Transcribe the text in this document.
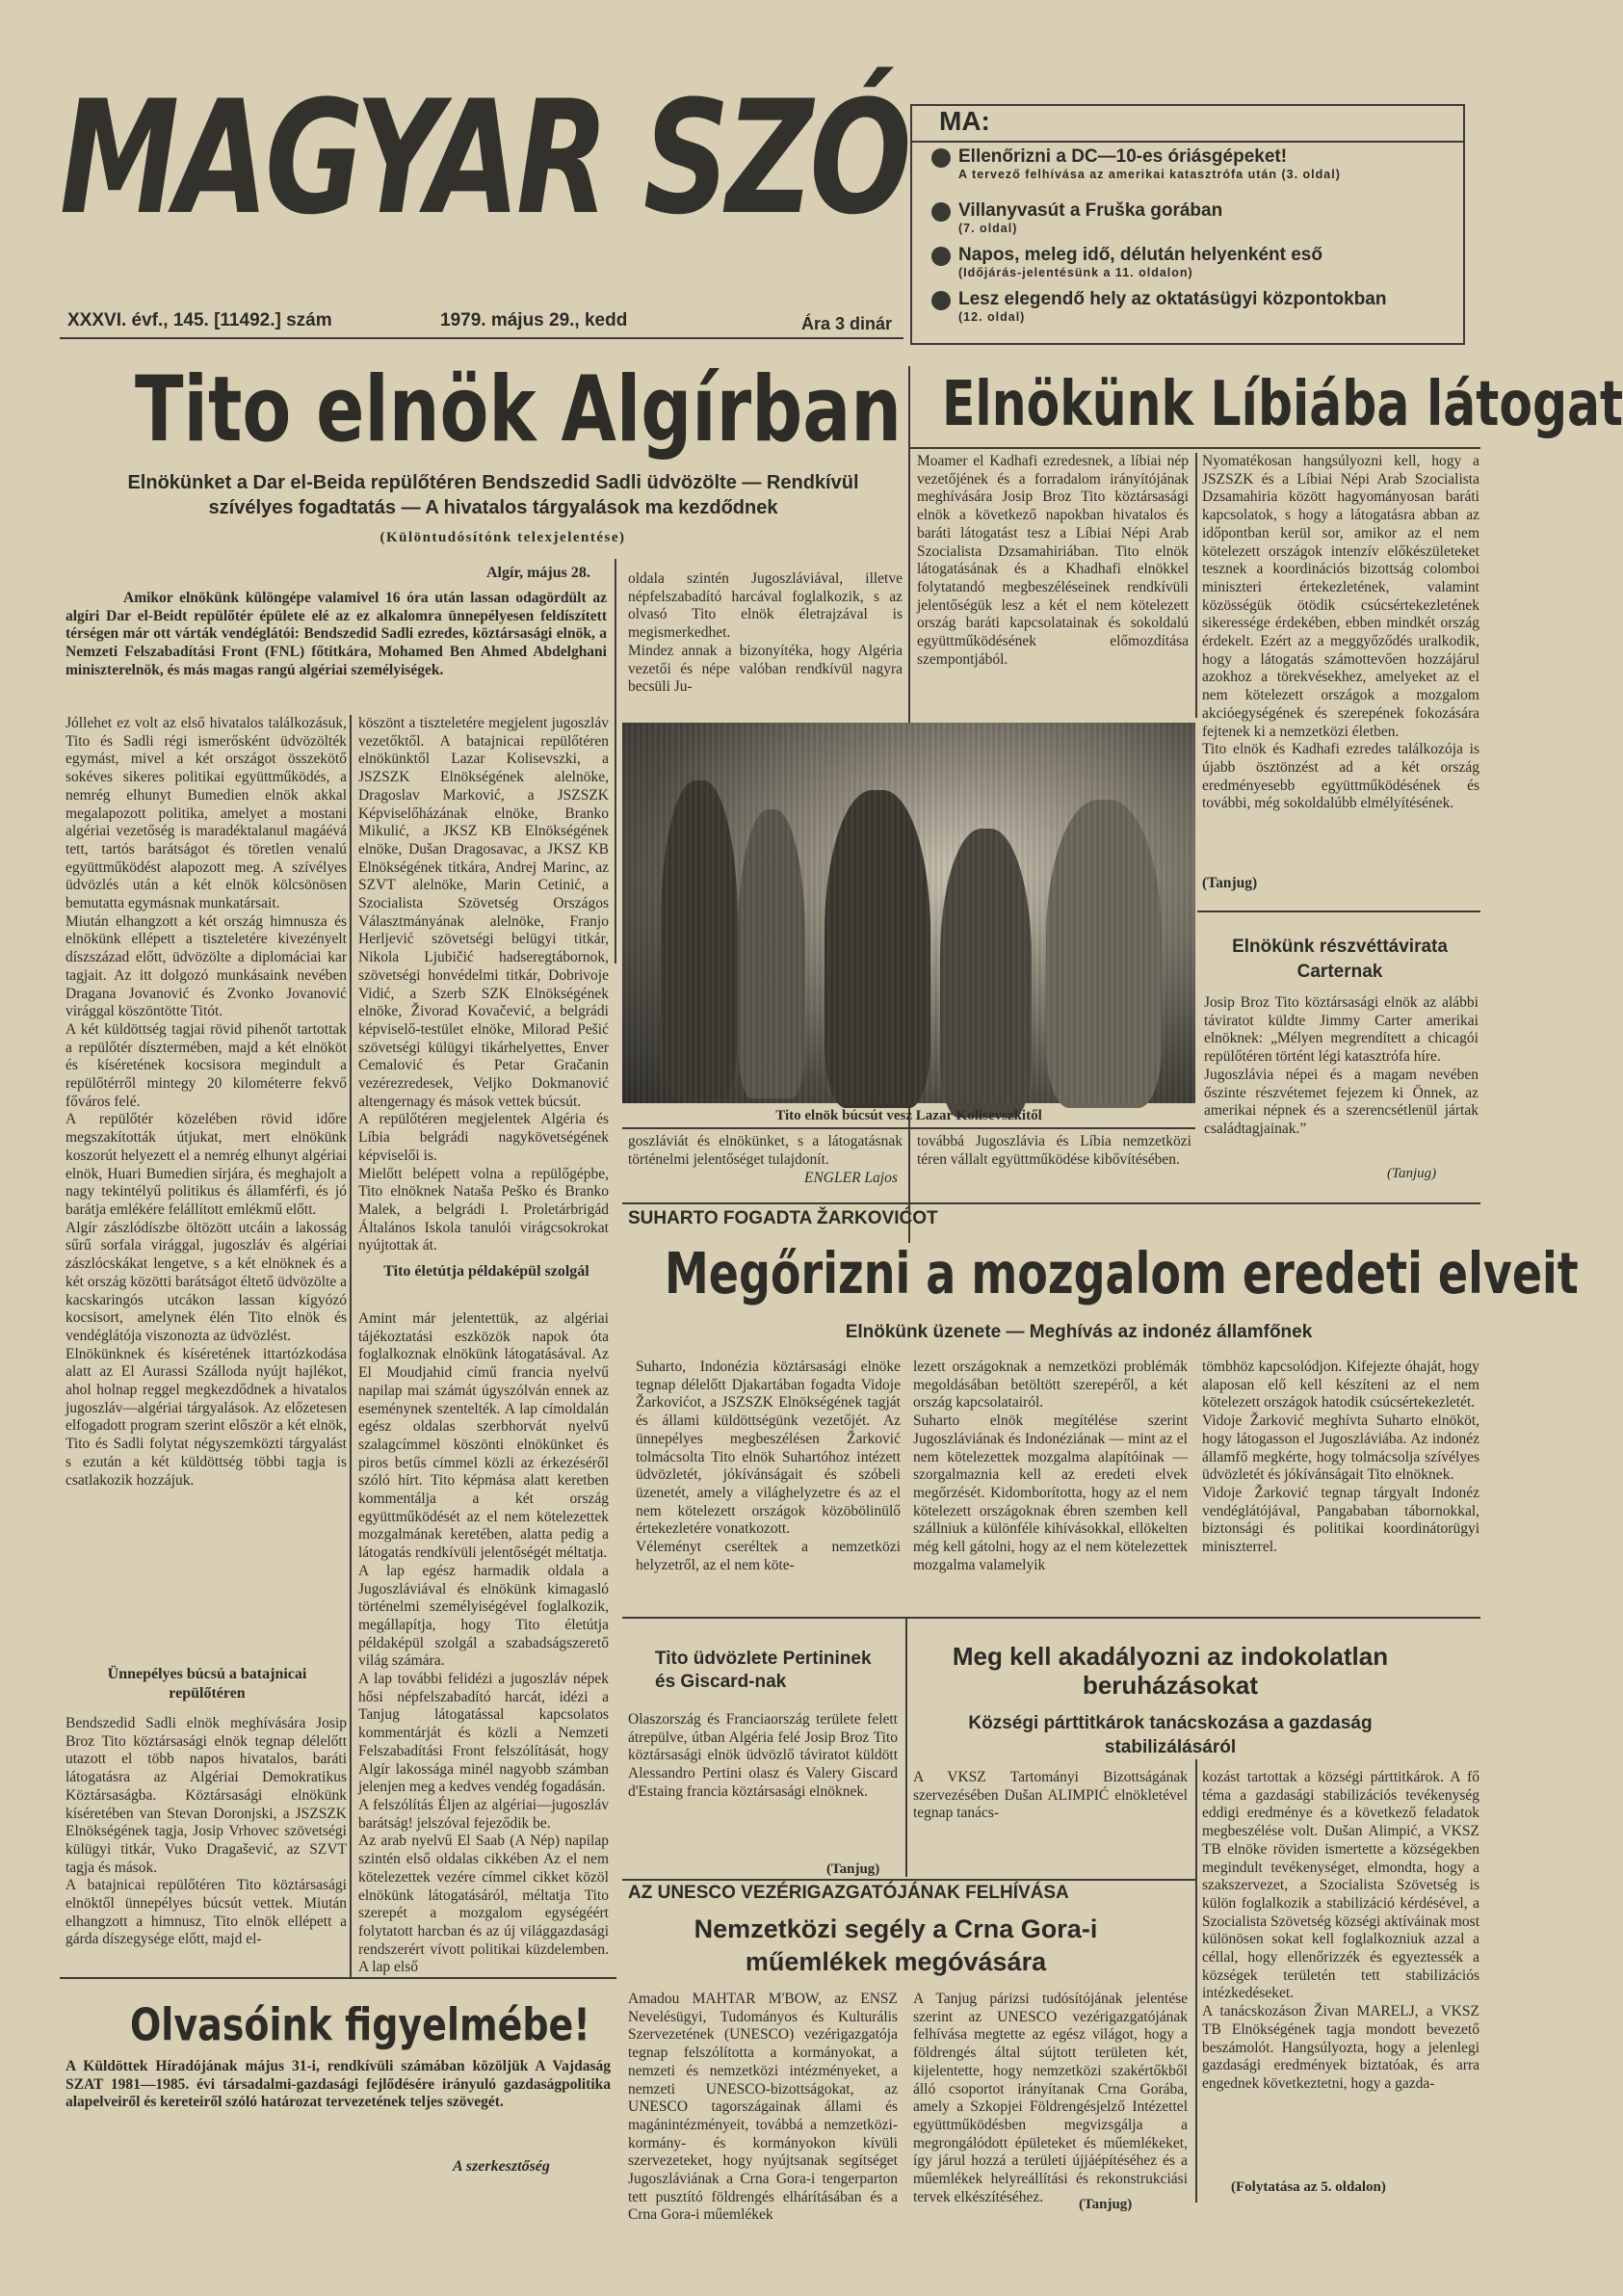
MAGYAR SZÓ
XXXVI. évf., 145. [11492.] szám	1979. május 29., kedd	Ára 3 dinár
MA:
Ellenőrizni a DC—10-es óriásgépeket!
A tervező felhívása az amerikai katasztrófa után (3. oldal)
Villanyvasút a Fruška gorában
(7. oldal)
Napos, meleg idő, délután helyenként eső
(Időjárás-jelentésünk a 11. oldalon)
Lesz elegendő hely az oktatásügyi központokban
(12. oldal)
Tito elnök Algírban
Elnökünket a Dar el-Beida repülőtéren Bendszedid Sadli üdvözölte — Rendkívül szívélyes fogadtatás — A hivatalos tárgyalások ma kezdődnek
(Különtudósítónk telexjelentése)
Algír, május 28.
Amikor elnökünk különgépe valamivel 16 óra után lassan odagördült az algíri Dar el-Beidt repülőtér épülete elé az ez alkalomra ünnepélyesen feldíszített térségen már ott várták vendéglátói: Bendszedid Sadli ezredes, köztársasági elnök, a Nemzeti Felszabadítási Front (FNL) főtitkára, Mohamed Ben Ahmed Abdelghani miniszterelnök, és más magas rangú algériai személyiségek.
Jóllehet ez volt az első hivatalos találkozásuk, Tito és Sadli régi ismerősként üdvözölték egymást, mivel a két országot összekötő sokéves sikeres politikai együttműködés, a nemrég elhunyt Bumedien elnök akkal megalapozott politika, amelyet a mostani algériai vezetőség is maradéktalanul magáévá tett, tartós barátságot és töretlen venalú együttműködést alapozott meg. A szívélyes üdvözlés után a két elnök kölcsönösen bemutatta egymásnak munkatársait.
Miután elhangzott a két ország himnusza és elnökünk ellépett a tiszteletére kivezényelt díszszázad előtt, üdvözölte a diplomáciai kar tagjait. Az itt dolgozó munkásaink nevében Dragana Jovanović és Zvonko Jovanović virággal köszöntötte Titót.
A két küldöttség tagjai rövid pihenőt tartottak a repülőtér dísztermében, majd a két elnököt és kíséretének kocsisora megindult a repülőtérről mintegy 20 kilométerre fekvő főváros felé.
A repülőtér közelében rövid időre megszakították útjukat, mert elnökünk koszorút helyezett el a nemrég elhunyt algériai elnök, Huari Bumedien sírjára, és meghajolt a nagy tekintélyű politikus és államférfi, és jó barátja emlékére felállított emlékmű előtt.
Algír zászlódíszbe öltözött utcáin a lakosság sűrű sorfala virággal, jugoszláv és algériai zászlócskákat lengetve, s a két elnöknek és a két ország közötti barátságot éltető üdvözölte a kacskaringós utcákon lassan kígyózó kocsisort, amelynek élén Tito elnök és vendéglátója viszonozta az üdvözlést.
Elnökünknek és kíséretének ittartózkodása alatt az El Aurassi Szálloda nyújt hajlékot, ahol holnap reggel megkezdődnek a hivatalos jugoszláv—algériai tárgyalások. Az előzetesen elfogadott program szerint először a két elnök, Tito és Sadli folytat négyszemközti tárgyalást s ezután a két küldöttség többi tagja is csatlakozik hozzájuk.
Ünnepélyes búcsú a batajnicai repülőtéren
Bendszedid Sadli elnök meghívására Josip Broz Tito köztársasági elnök tegnap délelőtt utazott el több napos hivatalos, baráti látogatásra az Algériai Demokratikus Köztársaságba. Köztársasági elnökünk kíséretében van Stevan Doronjski, a JSZSZK Elnökségének tagja, Josip Vrhovec szövetségi külügyi titkár, Vuko Dragašević, az SZVT tagja és mások.
A batajnicai repülőtéren Tito köztársasági elnöktől ünnepélyes búcsút vettek. Miután elhangzott a himnusz, Tito elnök ellépett a gárda díszegysége előtt, majd el-
köszönt a tiszteletére megjelent jugoszláv vezetőktől. A batajnicai repülőtéren elnökünktől Lazar Kolisevszki, a JSZSZK Elnökségének alelnöke, Dragoslav Marković, a JSZSZK Képviselőházának elnöke, Branko Mikulić, a JKSZ KB Elnökségének elnöke, Dušan Dragosavac, a JKSZ KB Elnökségének titkára, Andrej Marinc, az SZVT alelnöke, Marin Cetinić, a Szocialista Szövetség Országos Választmányának alelnöke, Franjo Herljević szövetségi belügyi titkár, Nikola Ljubičić hadseregtábornok, szövetségi honvédelmi titkár, Dobrivoje Vidić, a Szerb SZK Elnökségének elnöke, Živorad Kovačević, a belgrádi képviselő-testület elnöke, Milorad Pešić szövetségi külügyi tikárhelyettes, Enver Cemalović és Petar Gračanin vezérezredesek, Veljko Dokmanović altengernagy és mások vettek búcsút.
A repülőtéren megjelentek Algéria és Líbia belgrádi nagykövetségének képviselői is.
Mielőtt belépett volna a repülőgépbe, Tito elnöknek Nataša Peško és Branko Malek, a belgrádi I. Proletárbrigád Általános Iskola tanulói virágcsokrokat nyújtottak át.
Tito életútja példaképül szolgál
Amint már jelentettük, az algériai tájékoztatási eszközök napok óta foglalkoznak elnökünk látogatásával. Az El Moudjahid című francia nyelvű napilap mai számát úgyszólván ennek az eseménynek szentelték. A lap címoldalán egész oldalas szerbhorvát nyelvű szalagcímmel köszönti elnökünket és piros betűs címmel közli az érkezéséről szóló hírt. Tito képmása alatt keretben kommentálja a két ország együttműködését az el nem kötelezettek mozgalmának keretében, alatta pedig a látogatás rendkívüli jelentőségét méltatja.
A lap egész harmadik oldala a Jugoszláviával és elnökünk kimagasló történelmi személyiségével foglalkozik, megállapítja, hogy Tito életútja példaképül szolgál a szabadságszerető világ számára.
A lap további felidézi a jugoszláv népek hősi népfelszabadító harcát, idézi a Tanjug látogatással kapcsolatos kommentárját és közli a Nemzeti Felszabadítási Front felszólítását, hogy Algír lakossága minél nagyobb számban jelenjen meg a kedves vendég fogadásán.
A felszólítás Éljen az algériai—jugoszláv barátság! jelszóval fejeződik be.
Az arab nyelvű El Saab (A Nép) napilap szintén első oldalas cikkében Az el nem kötelezettek vezére címmel cikket közöl elnökünk látogatásáról, méltatja Tito szerepét a mozgalom egységéért folytatott harcban és az új világgazdasági rendszerért vívott politikai küzdelemben. A lap első
oldala szintén Jugoszláviával, illetve népfelszabadító harcával foglalkozik, s az olvasó Tito elnök életrajzával is megismerkedhet.
Mindez annak a bizonyítéka, hogy Algéria vezetői és népe valóban rendkívül nagyra becsüli Ju-
Tito elnök búcsút vesz Lazar Kolisevszkitől
goszláviát és elnökünket, s a látogatásnak történelmi jelentőséget tulajdonít.
ENGLER Lajos
Elnökünk Líbiába látogat
Moamer el Kadhafi ezredesnek, a líbiai nép vezetőjének és a forradalom irányítójának meghívására Josip Broz Tito köztársasági elnök a következő napokban hivatalos és baráti látogatást tesz a Líbiai Népi Arab Szocialista Dzsamahiriában. Tito elnök látogatásának és a Khadhafi elnökkel folytatandó megbeszéléseinek rendkívüli jelentőségük lesz a két el nem kötelezett ország baráti kapcsolatainak és sokoldalú együttműködésének előmozdítása szempontjából.
Nyomatékosan hangsúlyozni kell, hogy a JSZSZK és a Líbiai Népi Arab Szocialista Dzsamahiria között hagyományosan baráti kapcsolatok, s hogy a látogatásra abban az időpontban kerül sor, amikor az el nem kötelezett országok intenzív előkészületeket tesznek a koordinációs bizottság colomboi miniszteri értekezletének, valamint közösségük ötödik csúcsértekezletének sikeressége érdekében, ebben mindkét ország érdekelt. Ezért az a meggyőződés uralkodik, hogy a látogatás számottevően hozzájárul azokhoz a törekvésekhez, amelyeket az el nem kötelezett országok a mozgalom akcióegységének és szerepének fokozására fejtenek ki a nemzetközi életben.
Tito elnök és Kadhafi ezredes találkozója is újabb ösztönzést ad a két ország eredményesebb együttműködésének és további, még sokoldalúbb elmélyítésének.
(Tanjug)
továbbá Jugoszlávia és Líbia nemzetközi téren vállalt együttműködése kibővítésében.
Elnökünk részvéttávirata Carternak
Josip Broz Tito köztársasági elnök az alábbi táviratot küldte Jimmy Carter amerikai elnöknek: „Mélyen megrendített a chicagói repülőtéren történt légi katasztrófa híre.
Jugoszlávia népei és a magam nevében őszinte részvétemet fejezem ki Önnek, az amerikai népnek és a szerencsétlenül jártak családtagjainak.”
(Tanjug)
SUHARTO FOGADTA ŽARKOVIĆOT
Megőrizni a mozgalom eredeti elveit
Elnökünk üzenete — Meghívás az indonéz államfőnek
Suharto, Indonézia köztársasági elnöke tegnap délelőtt Djakartában fogadta Vidoje Žarkovićot, a JSZSZK Elnökségének tagját és állami küldöttségünk vezetőjét. Az ünnepélyes megbeszélésen Žarković tolmácsolta Tito elnök Suhartóhoz intézett üdvözletét, jókívánságait és szóbeli üzenetét, amely a világhelyzetre és az el nem kötelezett országok közöbölinülő értekezletére vonatkozott.
Véleményt cseréltek a nemzetközi helyzetről, az el nem köte-
lezett országoknak a nemzetközi problémák megoldásában betöltött szerepéről, a két ország kapcsolatairól.
Suharto elnök megítélése szerint Jugoszláviának és Indonéziának — mint az el nem kötelezettek mozgalma alapítóinak — szorgalmaznia kell az eredeti elvek megőrzését. Kidomborította, hogy az el nem kötelezett országoknak ébren szemben kell szállniuk a különféle kihívásokkal, ellökelten még kell gátolni, hogy az el nem kötelezettek mozgalma valamelyik
tömbhöz kapcsolódjon. Kifejezte óhaját, hogy alaposan elő kell készíteni az el nem kötelezett országok hatodik csúcsértekezletét.
Vidoje Žarković meghívta Suharto elnököt, hogy látogasson el Jugoszláviába. Az indonéz államfő megkérte, hogy tolmácsolja szívélyes üdvözletét és jókívánságait Tito elnöknek.
Vidoje Žarković tegnap tárgyalt Indonéz vendéglátójával, Pangababan tábornokkal, biztonsági és politikai koordinátorügyi miniszterrel.
Tito üdvözlete Pertininek és Giscard-nak
Olaszország és Franciaország területe felett átrepülve, útban Algéria felé Josip Broz Tito köztársasági elnök üdvözlő táviratot küldött Alessandro Pertini olasz és Valery Giscard d'Estaing francia köztársasági elnöknek.
(Tanjug)
Meg kell akadályozni az indokolatlan beruházásokat
Községi párttitkárok tanácskozása a gazdaság stabilizálásáról
A VKSZ Tartományi Bizottságának szervezésében Dušan ALIMPIĆ elnökletével tegnap tanács-
kozást tartottak a községi párttitkárok. A fő téma a gazdasági stabilizációs tevékenység eddigi eredménye és a következő feladatok megbeszélése volt. Dušan Alimpić, a VKSZ TB elnöke röviden ismertette a községekben megindult tevékenységet, elmondta, hogy a szakszervezet, a Szocialista Szövetség is külön foglalkozik a stabilizáció kérdésével, a Szocialista Szövetség községi aktíváinak most különösen sokat kell foglalkozniuk azzal a céllal, hogy ellenőrizzék és egyeztessék a községek területén tett stabilizációs intézkedéseket.
A tanácskozáson Živan MARELJ, a VKSZ TB Elnökségének tagja mondott bevezető beszámolót. Hangsúlyozta, hogy a jelenlegi gazdasági eredmények biztatóak, és arra engednek következtetni, hogy a gazda-
(Folytatása az 5. oldalon)
AZ UNESCO VEZÉRIGAZGATÓJÁNAK FELHÍVÁSA
Nemzetközi segély a Crna Gora-i műemlékek megóvására
Amadou MAHTAR M'BOW, az ENSZ Nevelésügyi, Tudományos és Kulturális Szervezetének (UNESCO) vezérigazgatója tegnap felszólította a kormányokat, a nemzeti és nemzetközi intézményeket, a nemzeti UNESCO-bizottságokat, az UNESCO tagországainak állami és magánintézményeit, továbbá a nemzetközi-kormány- és kormányokon kívüli szervezeteket, hogy nyújtsanak segítséget Jugoszláviának a Crna Gora-i tengerparton tett pusztító földrengés elhárításában és a Crna Gora-i műemlékek
A Tanjug párizsi tudósítójának jelentése szerint az UNESCO vezérigazgatójának felhívása megtette az egész világot, hogy a földrengés által sújtott területen két, kijelentette, hogy nemzetközi szakértőkből álló csoportot irányítanak Crna Gorába, amely a Szkopjei Földrengésjelző Intézettel együttműködésben megvizsgálja a megrongálódott épületeket és műemlékeket, így járul hozzá a területi újjáépítéséhez és a műemlékek helyreállítási és rekonstrukciási tervek elkészítéséhez.	(Tanjug)
Olvasóink figyelmébe!
A Küldöttek Híradójának május 31-i, rendkívüli számában közöljük A Vajdaság SZAT 1981—1985. évi társadalmi-gazdasági fejlődésére irányuló gazdaságpolitika alapelveiről és kereteiről szóló határozat tervezetének teljes szövegét.
A szerkesztőség
